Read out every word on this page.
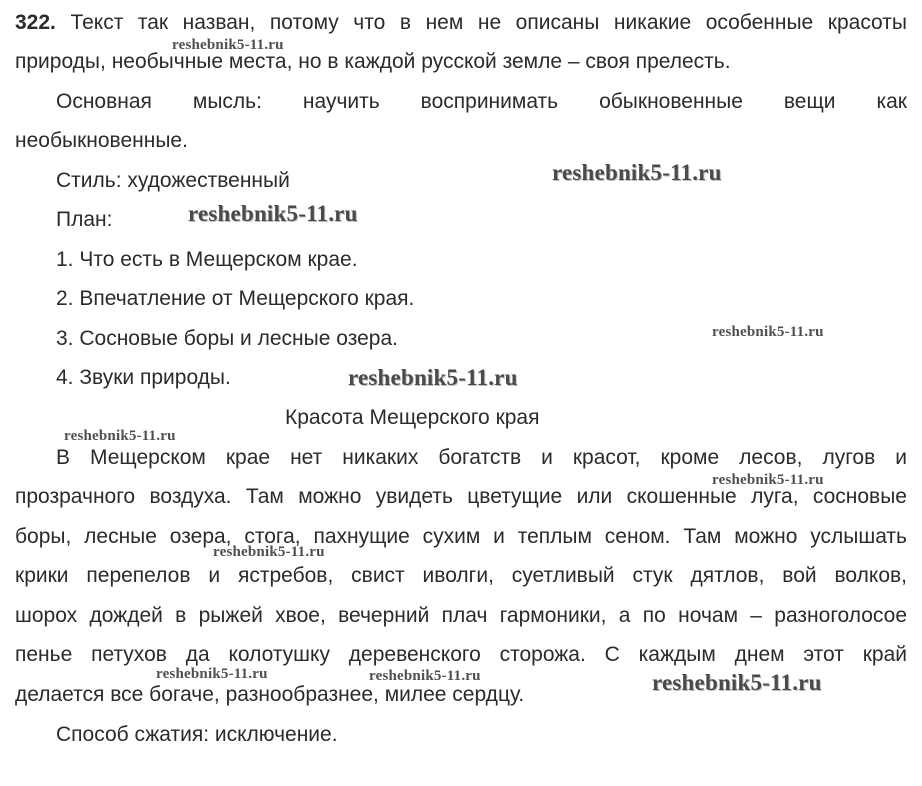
322. Текст так назван, потому что в нем не описаны никакие особенные красоты
природы, необычные места, но в каждой русской земле – своя прелесть.
Основная мысль: научить воспринимать обыкновенные вещи как
необыкновенные.
Стиль: художественный
План:
1. Что есть в Мещерском крае.
2. Впечатление от Мещерского края.
3. Сосновые боры и лесные озера.
4. Звуки природы.
Красота Мещерского края
В Мещерском крае нет никаких богатств и красот, кроме лесов, лугов и
прозрачного воздуха. Там можно увидеть цветущие или скошенные луга, сосновые
боры, лесные озера, стога, пахнущие сухим и теплым сеном. Там можно услышать
крики перепелов и ястребов, свист иволги, суетливый стук дятлов, вой волков,
шорох дождей в рыжей хвое, вечерний плач гармоники, а по ночам – разноголосое
пенье петухов да колотушку деревенского сторожа. С каждым днем этот край
делается все богаче, разнообразнее, милее сердцу.
Способ сжатия: исключение.
reshebnik5-11.ru
reshebnik5-11.ru
reshebnik5-11.ru
reshebnik5-11.ru
reshebnik5-11.ru
reshebnik5-11.ru
reshebnik5-11.ru
reshebnik5-11.ru
reshebnik5-11.ru	reshebnik5-11.ru	reshebnik5-11.ru
